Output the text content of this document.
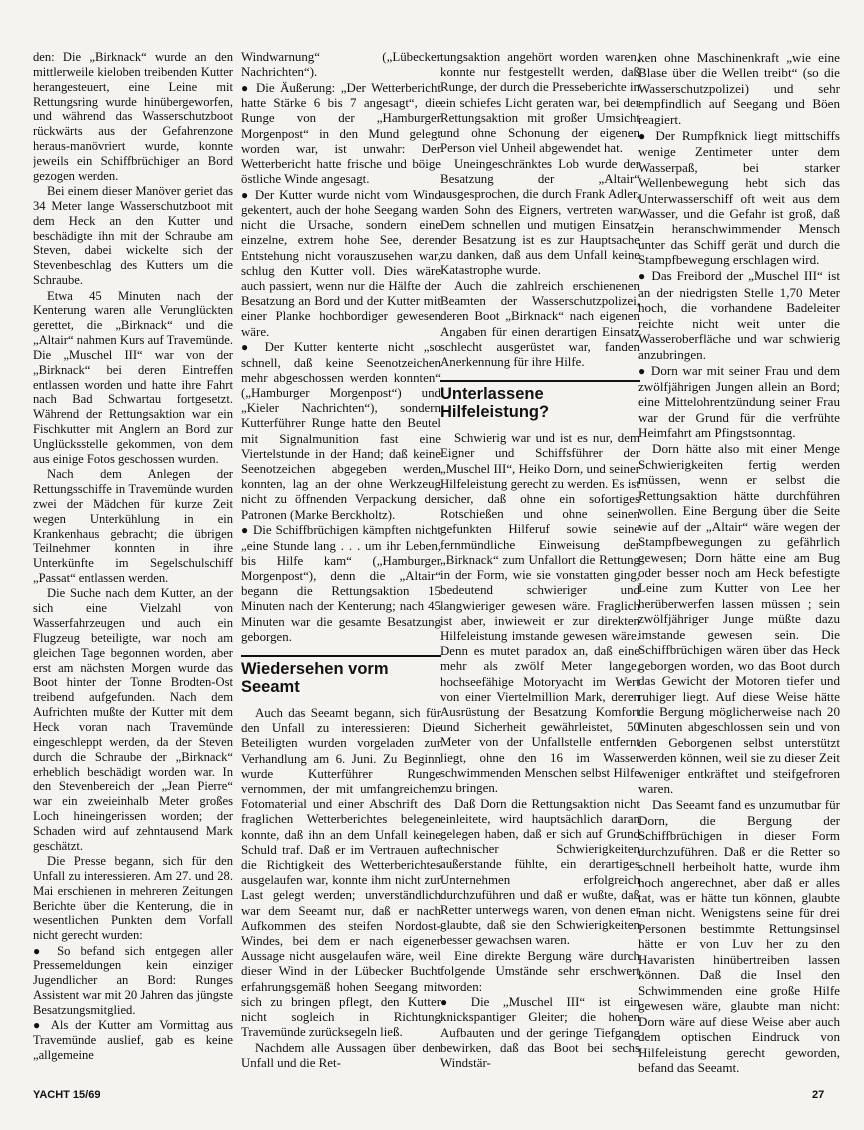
den: Die „Birknack“ wurde an den mittlerweile kieloben treibenden Kutter herangesteuert, eine Leine mit Rettungsring wurde hinübergeworfen, und während das Wasserschutzboot rückwärts aus der Gefahrenzone heraus-manövriert wurde, konnte jeweils ein Schiffbrüchiger an Bord gezogen werden.

Bei einem dieser Manöver geriet das 34 Meter lange Wasserschutzboot mit dem Heck an den Kutter und beschädigte ihn mit der Schraube am Steven, dabei wickelte sich der Stevenbeschlag des Kutters um die Schraube.

Etwa 45 Minuten nach der Kenterung waren alle Verunglückten gerettet, die „Birknack“ und die „Altair“ nahmen Kurs auf Travemünde. Die „Muschel III“ war von der „Birknack“ bei deren Eintreffen entlassen worden und hatte ihre Fahrt nach Bad Schwartau fortgesetzt. Während der Rettungsaktion war ein Fischkutter mit Anglern an Bord zur Unglücksstelle gekommen, von dem aus einige Fotos geschossen wurden.

Nach dem Anlegen der Rettungsschiffe in Travemünde wurden zwei der Mädchen für kurze Zeit wegen Unterkühlung in ein Krankenhaus gebracht; die übrigen Teilnehmer konnten in ihre Unterkünfte im Segelschulschiff „Passat“ entlassen werden.

Die Suche nach dem Kutter, an der sich eine Vielzahl von Wasserfahrzeugen und auch ein Flugzeug beteiligte, war noch am gleichen Tage begonnen worden, aber erst am nächsten Morgen wurde das Boot hinter der Tonne Brodten-Ost treibend aufgefunden. Nach dem Aufrichten mußte der Kutter mit dem Heck voran nach Travemünde eingeschleppt werden, da der Steven durch die Schraube der „Birknack“ erheblich beschädigt worden war. In den Stevenbereich der „Jean Pierre“ war ein zweieinhalb Meter großes Loch hineingerissen worden; der Schaden wird auf zehntausend Mark geschätzt.

Die Presse begann, sich für den Unfall zu interessieren. Am 27. und 28. Mai erschienen in mehreren Zeitungen Berichte über die Kenterung, die in wesentlichen Punkten dem Vorfall nicht gerecht wurden:

● So befand sich entgegen aller Pressemeldungen kein einziger Jugendlicher an Bord: Runges Assistent war mit 20 Jahren das jüngste Besatzungsmitglied.

● Als der Kutter am Vormittag aus Travemünde auslief, gab es keine „allgemeine

Windwarnung“ („Lübecker Nachrichten“).

● Die Äußerung: „Der Wetterbericht hatte Stärke 6 bis 7 angesagt“, die Runge von der „Hamburger Morgenpost“ in den Mund gelegt worden war, ist unwahr: Der Wetterbericht hatte frische und böige östliche Winde angesagt.

● Der Kutter wurde nicht vom Wind gekentert, auch der hohe Seegang war nicht die Ursache, sondern eine einzelne, extrem hohe See, deren Entstehung nicht vorauszusehen war, schlug den Kutter voll. Dies wäre auch passiert, wenn nur die Hälfte der Besatzung an Bord und der Kutter mit einer Planke hochbordiger gewesen wäre.

● Der Kutter kenterte nicht „so schnell, daß keine Seenotzeichen mehr abgeschossen werden konnten“ („Hamburger Morgenpost“) und „Kieler Nachrichten“), sondern Kutterführer Runge hatte den Beutel mit Signalmunition fast eine Viertelstunde in der Hand; daß keine Seenotzeichen abgegeben werden konnten, lag an der ohne Werkzeug nicht zu öffnenden Verpackung der Patronen (Marke Berckholtz).

● Die Schiffbrüchigen kämpften nicht „eine Stunde lang . . . um ihr Leben, bis Hilfe kam“ („Hamburger Morgenpost“), denn die „Altair“ begann die Rettungsaktion 15 Minuten nach der Kenterung; nach 45 Minuten war die gesamte Besatzung geborgen.

Wiedersehen vorm Seeamt

Auch das Seeamt begann, sich für den Unfall zu interessieren: Die Beteiligten wurden vorgeladen zur Verhandlung am 6. Juni. Zu Beginn wurde Kutterführer Runge vernommen, der mit umfangreichem Fotomaterial und einer Abschrift des fraglichen Wetterberichtes belegen konnte, daß ihn an dem Unfall keine Schuld traf. Daß er im Vertrauen auf die Richtigkeit des Wetterberichtes ausgelaufen war, konnte ihm nicht zur Last gelegt werden; unverständlich war dem Seeamt nur, daß er nach Aufkommen des steifen Nordost-Windes, bei dem er nach eigener Aussage nicht ausgelaufen wäre, weil dieser Wind in der Lübecker Bucht erfahrungsgemäß hohen Seegang mit sich zu bringen pflegt, den Kutter nicht sogleich in Richtung Travemünde zurücksegeln ließ.

Nachdem alle Aussagen über den Unfall und die Ret-

tungsaktion angehört worden waren, konnte nur festgestellt werden, daß Runge, der durch die Presseberichte in ein schiefes Licht geraten war, bei der Rettungsaktion mit großer Umsicht und ohne Schonung der eigenen Person viel Unheil abgewendet hat.

Uneingeschränktes Lob wurde der Besatzung der „Altair“ ausgesprochen, die durch Frank Adler, den Sohn des Eigners, vertreten war. Dem schnellen und mutigen Einsatz der Besatzung ist es zur Hauptsache zu danken, daß aus dem Unfall keine Katastrophe wurde.

Auch die zahlreich erschienenen Beamten der Wasserschutzpolizei, deren Boot „Birknack“ nach eigenen Angaben für einen derartigen Einsatz schlecht ausgerüstet war, fanden Anerkennung für ihre Hilfe.

Unterlassene Hilfeleistung?

Schwierig war und ist es nur, dem Eigner und Schiffsführer der „Muschel III“, Heiko Dorn, und seiner Hilfeleistung gerecht zu werden. Es ist sicher, daß ohne ein sofortiges Rotschießen und ohne seinen gefunkten Hilferuf sowie seine fernmündliche Einweisung der „Birknack“ zum Unfallort die Rettung in der Form, wie sie vonstatten ging, bedeutend schwieriger und langwieriger gewesen wäre. Fraglich ist aber, inwieweit er zur direkten Hilfeleistung imstande gewesen wäre. Denn es mutet paradox an, daß eine mehr als zwölf Meter lange, hochseefähige Motoryacht im Wert von einer Viertelmillion Mark, deren Ausrüstung der Besatzung Komfort und Sicherheit gewährleistet, 50 Meter von der Unfallstelle entfernt liegt, ohne den 16 im Wasser schwimmenden Menschen selbst Hilfe zu bringen.

Daß Dorn die Rettungsaktion nicht einleitete, wird hauptsächlich daran gelegen haben, daß er sich auf Grund technischer Schwierigkeiten außerstande fühlte, ein derartiges Unternehmen erfolgreich durchzuführen und daß er wußte, daß Retter unterwegs waren, von denen er glaubte, daß sie den Schwierigkeiten besser gewachsen waren.

Eine direkte Bergung wäre durch folgende Umstände sehr erschwert worden:

● Die „Muschel III“ ist ein knickspantiger Gleiter; die hohen Aufbauten und der geringe Tiefgang bewirken, daß das Boot bei sechs Windstär-

ken ohne Maschinenkraft „wie eine Blase über die Wellen treibt“ (so die Wasserschutzpolizei) und sehr empfindlich auf Seegang und Böen reagiert.

● Der Rumpfknick liegt mittschiffs wenige Zentimeter unter dem Wasserpaß, bei starker Wellenbewegung hebt sich das Unterwasserschiff oft weit aus dem Wasser, und die Gefahr ist groß, daß ein heranschwimmender Mensch unter das Schiff gerät und durch die Stampfbewegung erschlagen wird.

● Das Freibord der „Muschel III“ ist an der niedrigsten Stelle 1,70 Meter hoch, die vorhandene Badeleiter reichte nicht weit unter die Wasseroberfläche und war schwierig anzubringen.

● Dorn war mit seiner Frau und dem zwölfjährigen Jungen allein an Bord; eine Mittelohrentzündung seiner Frau war der Grund für die verfrühte Heimfahrt am Pfingstsonntag.

Dorn hätte also mit einer Menge Schwierigkeiten fertig werden müssen, wenn er selbst die Rettungsaktion hätte durchführen wollen. Eine Bergung über die Seite wie auf der „Altair“ wäre wegen der Stampfbewegungen zu gefährlich gewesen; Dorn hätte eine am Bug oder besser noch am Heck befestigte Leine zum Kutter von Lee her herüberwerfen lassen müssen ; sein zwölfjähriger Junge müßte dazu imstande gewesen sein. Die Schiffbrüchigen wären über das Heck geborgen worden, wo das Boot durch das Gewicht der Motoren tiefer und ruhiger liegt. Auf diese Weise hätte die Bergung möglicherweise nach 20 Minuten abgeschlossen sein und von den Geborgenen selbst unterstützt werden können, weil sie zu dieser Zeit weniger entkräftet und steifgefroren waren.

Das Seeamt fand es unzumutbar für Dorn, die Bergung der Schiffbrüchigen in dieser Form durchzuführen. Daß er die Retter so schnell herbeiholt hatte, wurde ihm hoch angerechnet, aber daß er alles tat, was er hätte tun können, glaubte man nicht. Wenigstens seine für drei Personen bestimmte Rettungsinsel hätte er von Luv her zu den Havaristen hinübertreiben lassen können. Daß die Insel den Schwimmenden eine große Hilfe gewesen wäre, glaubte man nicht: Dorn wäre auf diese Weise aber auch dem optischen Eindruck von Hilfeleistung gerecht geworden, befand das Seeamt.

YACHT 15/69	27
